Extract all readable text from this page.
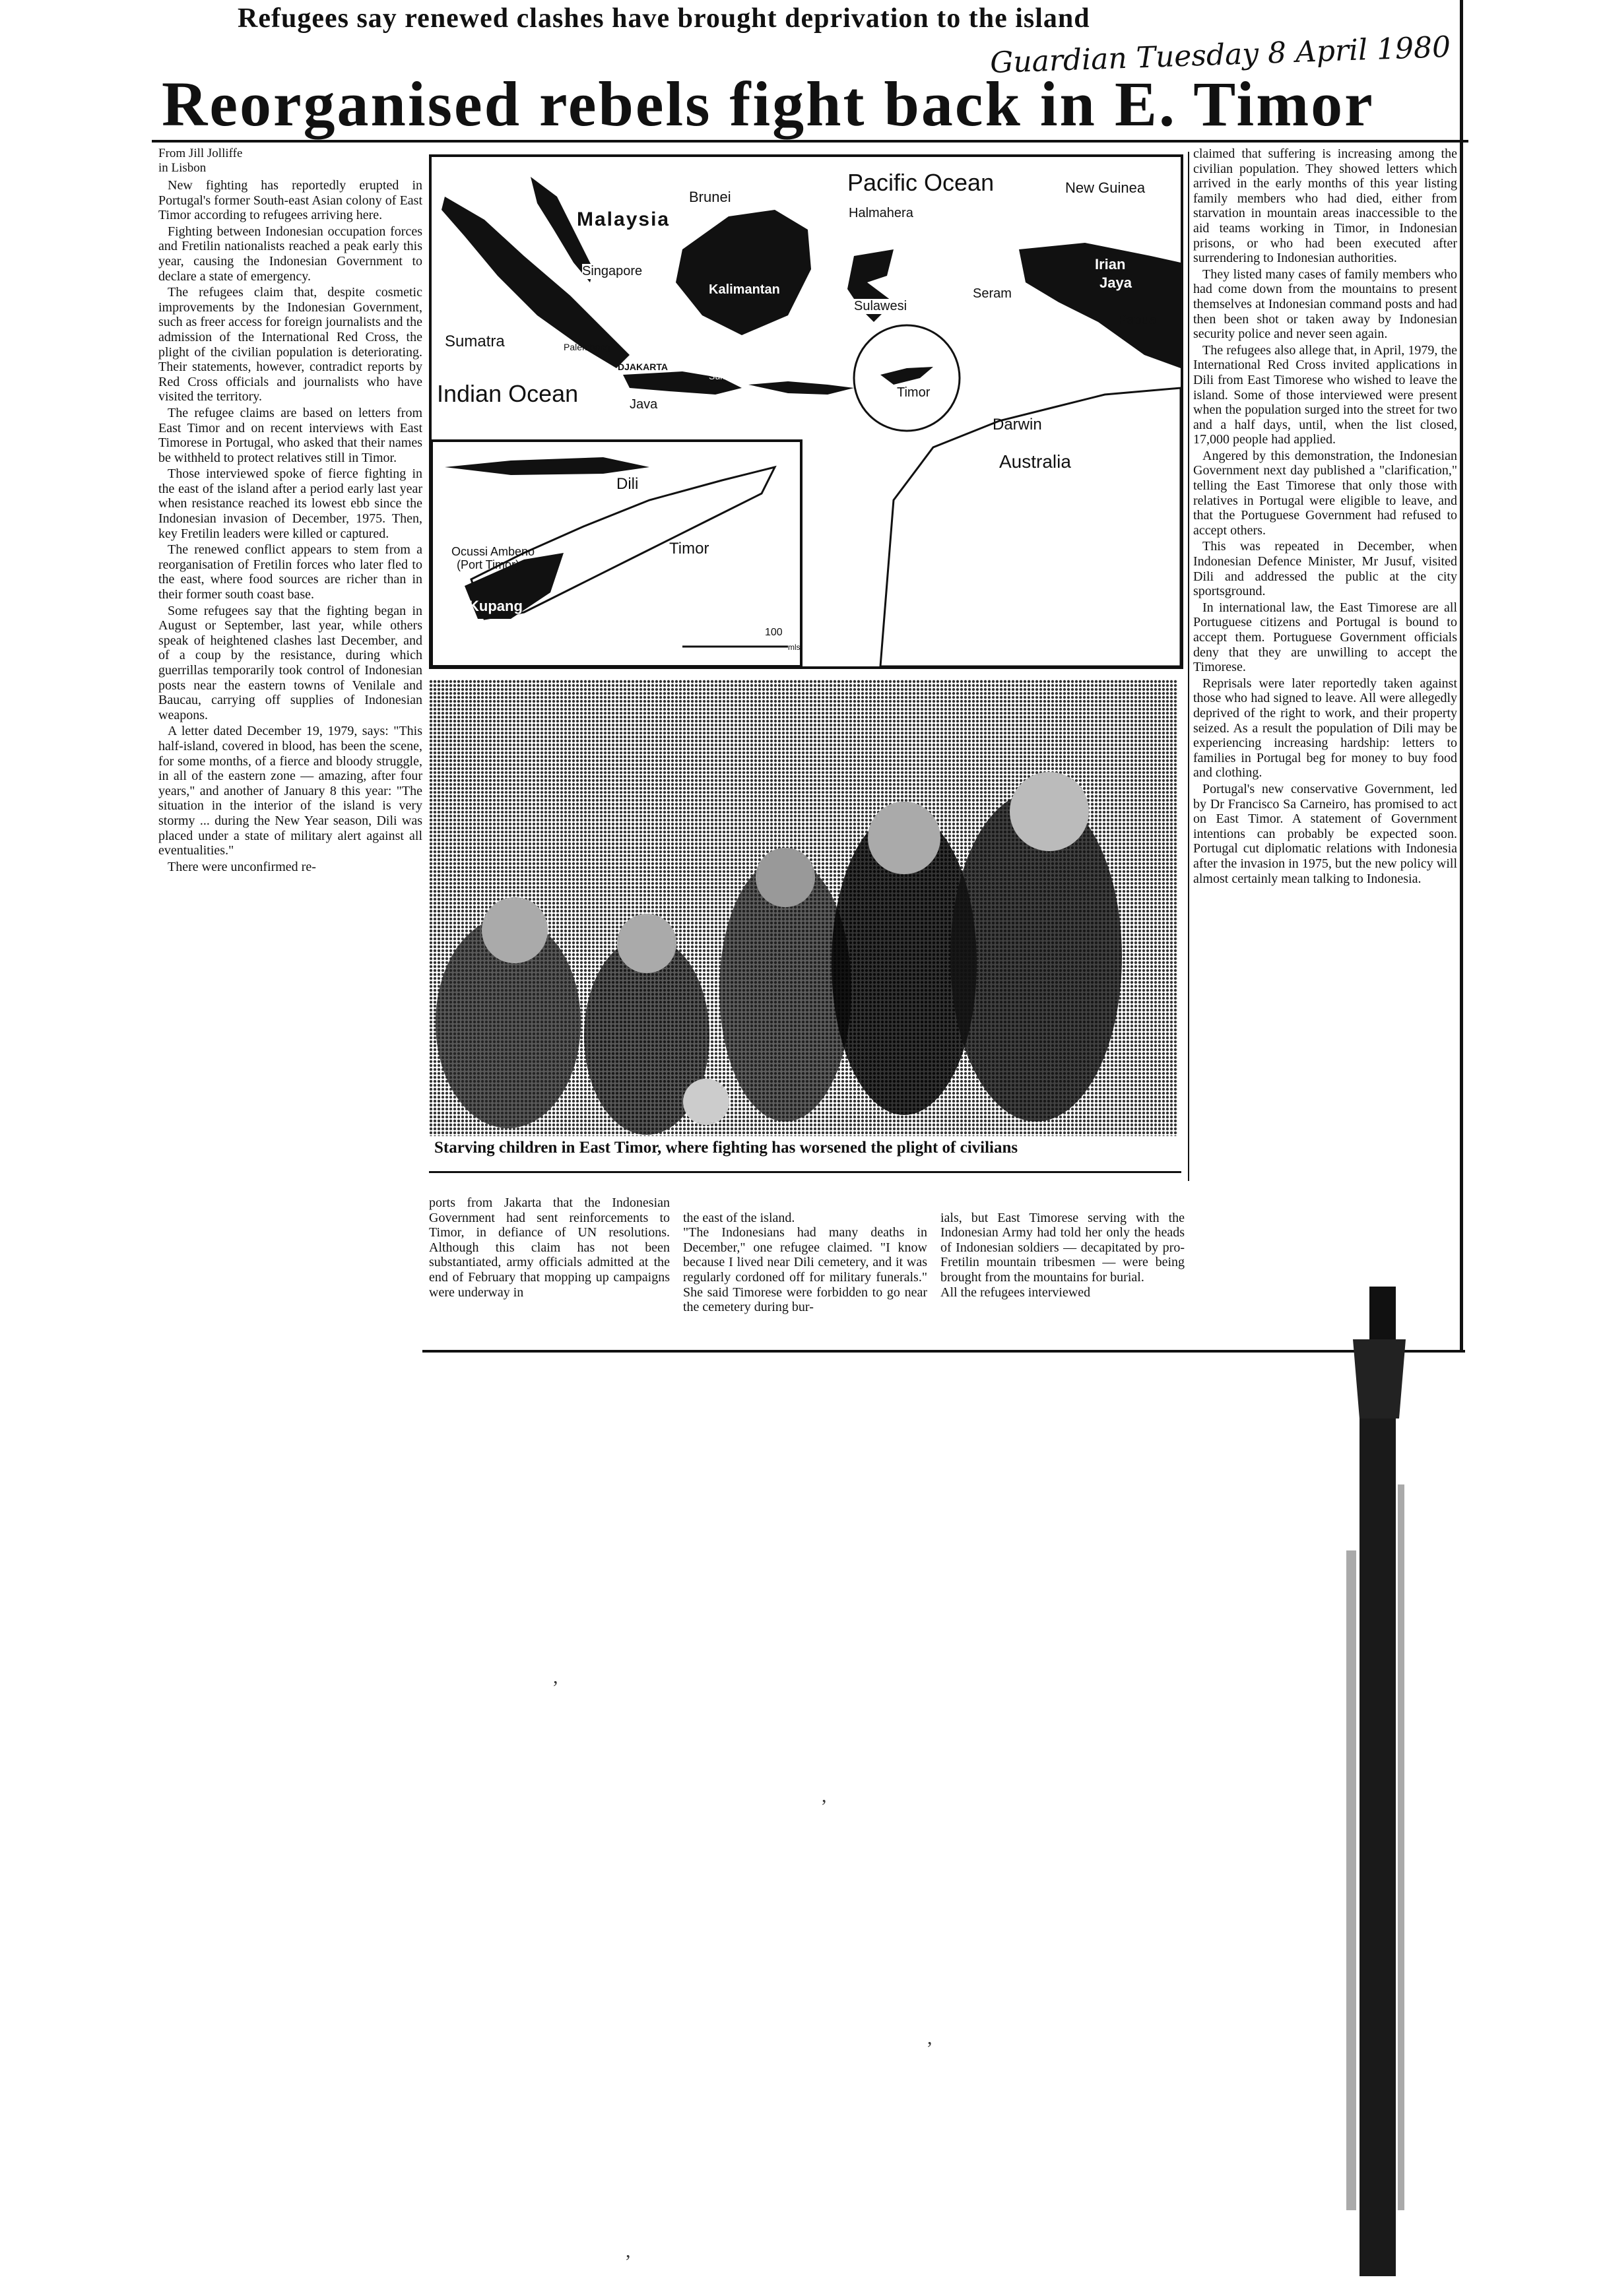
Refugees say renewed clashes have brought deprivation to the island
Guardian Tuesday 8 April 1980
Reorganised rebels fight back in E. Timor
From Jill Jolliffe
in Lisbon

New fighting has reportedly erupted in Portugal's former South-east Asian colony of East Timor according to refugees arriving here.

Fighting between Indonesian occupation forces and Fretilin nationalists reached a peak early this year, causing the Indonesian Government to declare a state of emergency.

The refugees claim that, despite cosmetic improvements by the Indonesian Government, such as freer access for foreign journalists and the admission of the International Red Cross, the plight of the civilian population is deteriorating. Their statements, however, contradict reports by Red Cross officials and journalists who have visited the territory.

The refugee claims are based on letters from East Timor and on recent interviews with East Timorese in Portugal, who asked that their names be withheld to protect relatives still in Timor.

Those interviewed spoke of fierce fighting in the east of the island after a period early last year when resistance reached its lowest ebb since the Indonesian invasion of December, 1975. Then, key Fretilin leaders were killed or captured.

The renewed conflict appears to stem from a reorganisation of Fretilin forces who later fled to the east, where food sources are richer than in their former south coast base.

Some refugees say that the fighting began in August or September, last year, while others speak of heightened clashes last December, and of a coup by the resistance, during which guerrillas temporarily took control of Indonesian posts near the eastern towns of Venilale and Baucau, carrying off supplies of Indonesian weapons.

A letter dated December 19, 1979, says: "This half-island, covered in blood, has been the scene, for some months, of a fierce and bloody struggle, in all of the eastern zone — amazing, after four years," and another of January 8 this year: "The situation in the interior of the island is very stormy ... during the New Year season, Dili was placed under a state of military alert against all eventualities."

There were unconfirmed re-

Malaysia
Brunei
Pacific Ocean	New Guinea
Halmahera
Singapore
Kalimantan
Irian
Jaya
Sulawesi
Seram
Papua
Sumatra
Padang
Palembang
DJAKARTA
Indian Ocean	Java
Sumbawa
Timor
Darwin
Australia
Ocussi Ambeno
(Port Timor)
Dili
Timor
Kupang
100
mls
Starving children in East Timor, where fighting has worsened the plight of civilians

claimed that suffering is increasing among the civilian population. They showed letters which arrived in the early months of this year listing family members who had died, either from starvation in mountain areas inaccessible to the aid teams working in Timor, in Indonesian prisons, or who had been executed after surrendering to Indonesian authorities.

They listed many cases of family members who had come down from the mountains to present themselves at Indonesian command posts and had then been shot or taken away by Indonesian security police and never seen again.

The refugees also allege that, in April, 1979, the International Red Cross invited applications in Dili from East Timorese who wished to leave the island. Some of those interviewed were present when the population surged into the street for two and a half days, until, when the list closed, 17,000 people had applied.

Angered by this demonstration, the Indonesian Government next day published a "clarification," telling the East Timorese that only those with relatives in Portugal were eligible to leave, and that the Portuguese Government had refused to accept others.

This was repeated in December, when Indonesian Defence Minister, Mr Jusuf, visited Dili and addressed the public at the city sportsground.

In international law, the East Timorese are all Portuguese citizens and Portugal is bound to accept them. Portuguese Government officials deny that they are unwilling to accept the Timorese.

Reprisals were later reportedly taken against those who had signed to leave. All were allegedly deprived of the right to work, and their property seized. As a result the population of Dili may be experiencing increasing hardship: letters to families in Portugal beg for money to buy food and clothing.

Portugal's new conservative Government, led by Dr Francisco Sa Carneiro, has promised to act on East Timor. A statement of Government intentions can probably be expected soon. Portugal cut diplomatic relations with Indonesia after the invasion in 1975, but the new policy will almost certainly mean talking to Indonesia.

ports from Jakarta that the Indonesian Government had sent reinforcements to Timor, in defiance of UN resolutions. Although this claim has not been substantiated, army officials admitted at the end of February that mopping up campaigns were underway in

the east of the island.
"The Indonesians had many deaths in December," one refugee claimed. "I know because I lived near Dili cemetery, and it was regularly cordoned off for military funerals." She said Timorese were forbidden to go near the cemetery during bur-

ials, but East Timorese serving with the Indonesian Army had told her only the heads of Indonesian soldiers — decapitated by pro-Fretilin mountain tribesmen — were being brought from the mountains for burial.
All the refugees interviewed

,
,
,
,
